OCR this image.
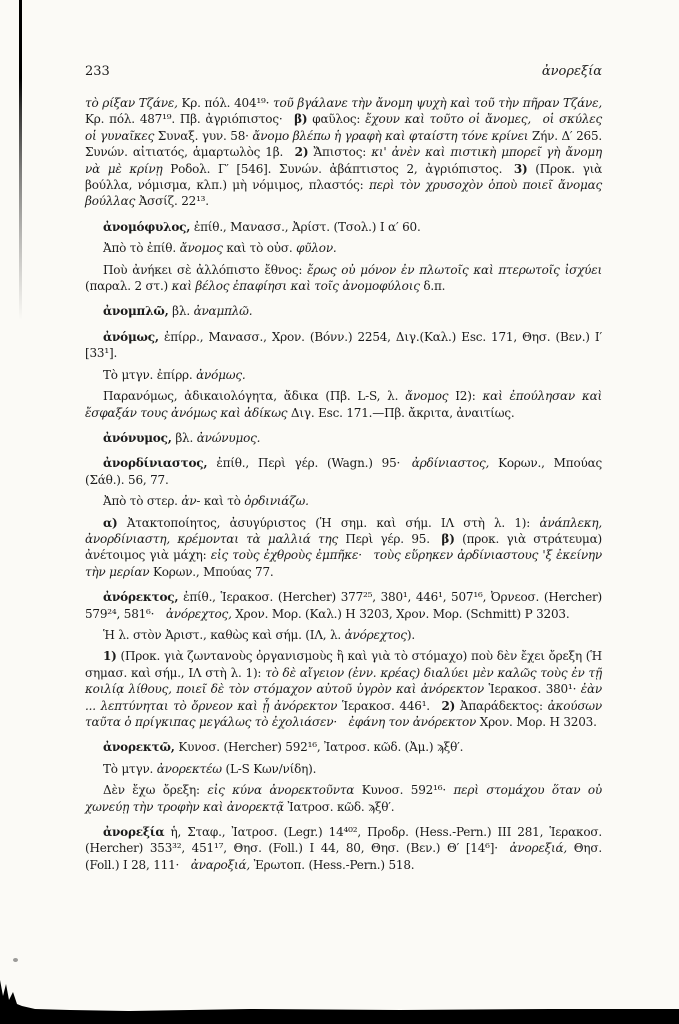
233	ἀνορεξία

τὸ ρίξαν Τζάνε, Κρ. πόλ. 404¹⁹· τοῦ βγάλανε τὴν ἄνομη ψυχὴ καὶ τοῦ τὴν πῆραν Τζάνε, Κρ. πόλ. 487¹⁹. Πβ. ἀγριόπιστος·  β) φαῦλος: ἔχουν καὶ τοῦτο οἱ ἄνομες,  οἱ σκύλες οἱ γυναῖκες Συναξ. γυν. 58· ἄνομο βλέπω ἡ γραφὴ καὶ φταίστη τόνε κρίνει Ζήν. Δ′ 265. Συνών. αἰτιατός, ἁμαρτωλὸς 1β.  2) Ἄπιστος: κι' ἀνὲν καὶ πιστικὴ μπορεῖ γὴ ἄνομη νὰ μὲ κρίνῃ Ροδολ. Γ′ [546]. Συνών. ἀβάπτιστος 2, ἀγριόπιστος.  3) (Προκ. γιὰ βούλλα, νόμισμα, κλπ.) μὴ νόμιμος, πλαστός: περὶ τὸν χρυσοχὸν ὁποὺ ποιεῖ ἄνομας βούλλας Ἀσσίζ. 22¹³.

ἀνομόφυλος, ἐπίθ., Μανασσ., Ἀρίστ. (Τσολ.) Ι α′ 60.

Ἀπὸ τὸ ἐπίθ. ἄνομος καὶ τὸ οὐσ. φῦλον.

Ποὺ ἀνήκει σὲ ἀλλόπιστο ἔθνος: ἔρως οὐ μόνον ἐν πλωτοῖς καὶ πτερωτοῖς ἰσχύει (παραλ. 2 στ.) καὶ βέλος ἐπαφίησι καὶ τοῖς ἀνομοφύλοις δ.π.

ἀνομπλῶ, βλ. ἀναμπλῶ.

ἀνόμως, ἐπίρρ., Μανασσ., Χρον. (Βόνν.) 2254, Διγ.(Καλ.) Esc. 171, Θησ. (Βεν.) Ι′ [33¹].

Τὸ μτγν. ἐπίρρ. ἀνόμως.

Παρανόμως, ἀδικαιολόγητα, ἄδικα (Πβ. L-S, λ. ἄνομος Ι2): καὶ ἐπούλησαν καὶ ἔσφαξάν τους ἀνόμως καὶ ἀδίκως Διγ. Esc. 171.—Πβ. ἄκριτα, ἀναιτίως.

ἀνόνυμος, βλ. ἀνώνυμος.

ἀνορδίνιαστος, ἐπίθ., Περὶ γέρ. (Wagn.) 95·  ἀρδίνιαστος, Κορων., Μπούας (Σάθ.). 56, 77.

Ἀπὸ τὸ στερ. ἀν- καὶ τὸ ὀρδινιάζω.

α) Ἀτακτοποίητος, ἀσυγύριστος (Ἡ σημ. καὶ σήμ. ΙΛ στὴ λ. 1): ἀνάπλεκη, ἀνορδίνιαστη, κρέμονται τὰ μαλλιά της Περὶ γέρ. 95.  β) (προκ. γιὰ στράτευμα) ἀνέτοιμος γιὰ μάχη: εἰς τοὺς ἐχθροὺς ἐμπῆκε·  τοὺς εὕρηκεν ἀρδίνιαστους 'ξ ἐκείνην τὴν μερίαν Κορων., Μπούας 77.

ἀνόρεκτος, ἐπίθ., Ἱερακοσ. (Hercher) 377²⁵, 380¹, 446¹, 507¹⁶, Ὀρνεοσ. (Hercher) 579²⁴, 581⁶·  ἀνόρεχτος, Χρον. Μορ. (Καλ.) Η 3203, Χρον. Μορ. (Schmitt) P 3203.

Ἡ λ. στὸν Ἀριστ., καθὼς καὶ σήμ. (ΙΛ, λ. ἀνόρεχτος).

1) (Προκ. γιὰ ζωντανοὺς ὀργανισμοὺς ἢ καὶ γιὰ τὸ στόμαχο) ποὺ δὲν ἔχει ὄρεξη (Ἡ σημασ. καὶ σήμ., ΙΛ στὴ λ. 1): τὸ δὲ αἴγειον (ἐνν. κρέας) διαλύει μὲν καλῶς τοὺς ἐν τῇ κοιλίᾳ λίθους, ποιεῖ δὲ τὸν στόμαχον αὐτοῦ ὑγρὸν καὶ ἀνόρεκτον Ἱερακοσ. 380¹· ἐὰν ... λεπτύνηται τὸ ὄρνεον καὶ ᾖ ἀνόρεκτον Ἱερακοσ. 446¹.  2) Ἀπαράδεκτος: ἀκούσων ταῦτα ὁ πρίγκιπας μεγάλως τὸ ἐχολιάσεν·  ἐφάνη τον ἀνόρεκτον Χρον. Μορ. Η 3203.

ἀνορεκτῶ, Κυνοσ. (Hercher) 592¹⁶, Ἰατροσ. κῶδ. (Ἀμ.) ϡξθ′.

Τὸ μτγν. ἀνορεκτέω (L-S Κων/νίδη).

Δὲν ἔχω ὄρεξη: εἰς κύνα ἀνορεκτοῦντα Κυνοσ. 592¹⁶· περὶ στομάχου ὅταν οὐ χωνεύῃ τὴν τροφὴν καὶ ἀνορεκτᾷ Ἰατροσ. κῶδ. ϡξθ′.

ἀνορεξία ἡ, Σταφ., Ἰατροσ. (Legr.) 14⁴⁰², Προδρ. (Hess.-Pern.) ΙΙΙ 281, Ἱερακοσ. (Hercher) 353³², 451¹⁷, Θησ. (Foll.) Ι 44, 80, Θησ. (Βεν.) Θ′ [14⁶]·  ἀνορεξιά, Θησ. (Foll.) Ι 28, 111·  ἀναροξιά, Ἐρωτοπ. (Hess.-Pern.) 518.
